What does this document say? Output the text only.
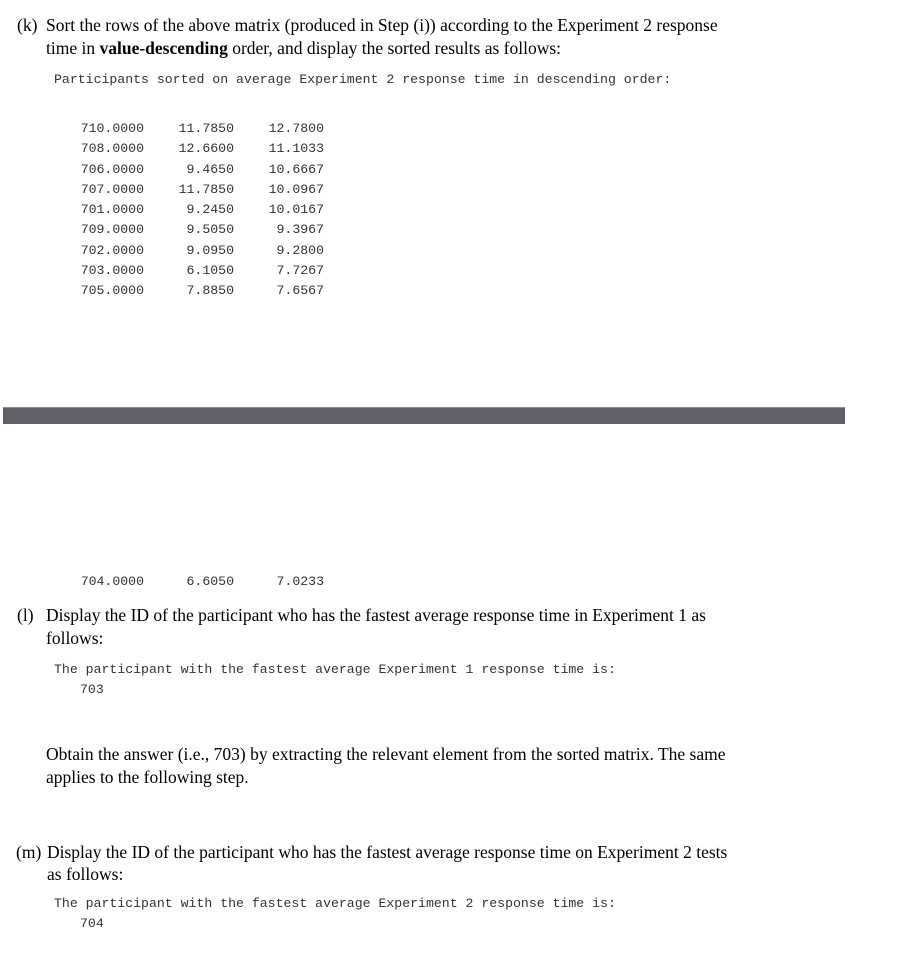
(k) Sort the rows of the above matrix (produced in Step (i)) according to the Experiment 2 response
time in value-descending order, and display the sorted results as follows:
Participants sorted on average Experiment 2 response time in descending order:

710.0000	11.7850	12.7800
708.0000	12.6600	11.1033
706.0000	9.4650	10.6667
707.0000	11.7850	10.0967
701.0000	9.2450	10.0167
709.0000	9.5050	9.3967
702.0000	9.0950	9.2800
703.0000	6.1050	7.7267
705.0000	7.8850	7.6567

704.0000	6.6050	7.0233

(l) Display the ID of the participant who has the fastest average response time in Experiment 1 as
follows:
The participant with the fastest average Experiment 1 response time is:
703
Obtain the answer (i.e., 703) by extracting the relevant element from the sorted matrix. The same
applies to the following step.
(m) Display the ID of the participant who has the fastest average response time on Experiment 2 tests
as follows:
The participant with the fastest average Experiment 2 response time is:
704
